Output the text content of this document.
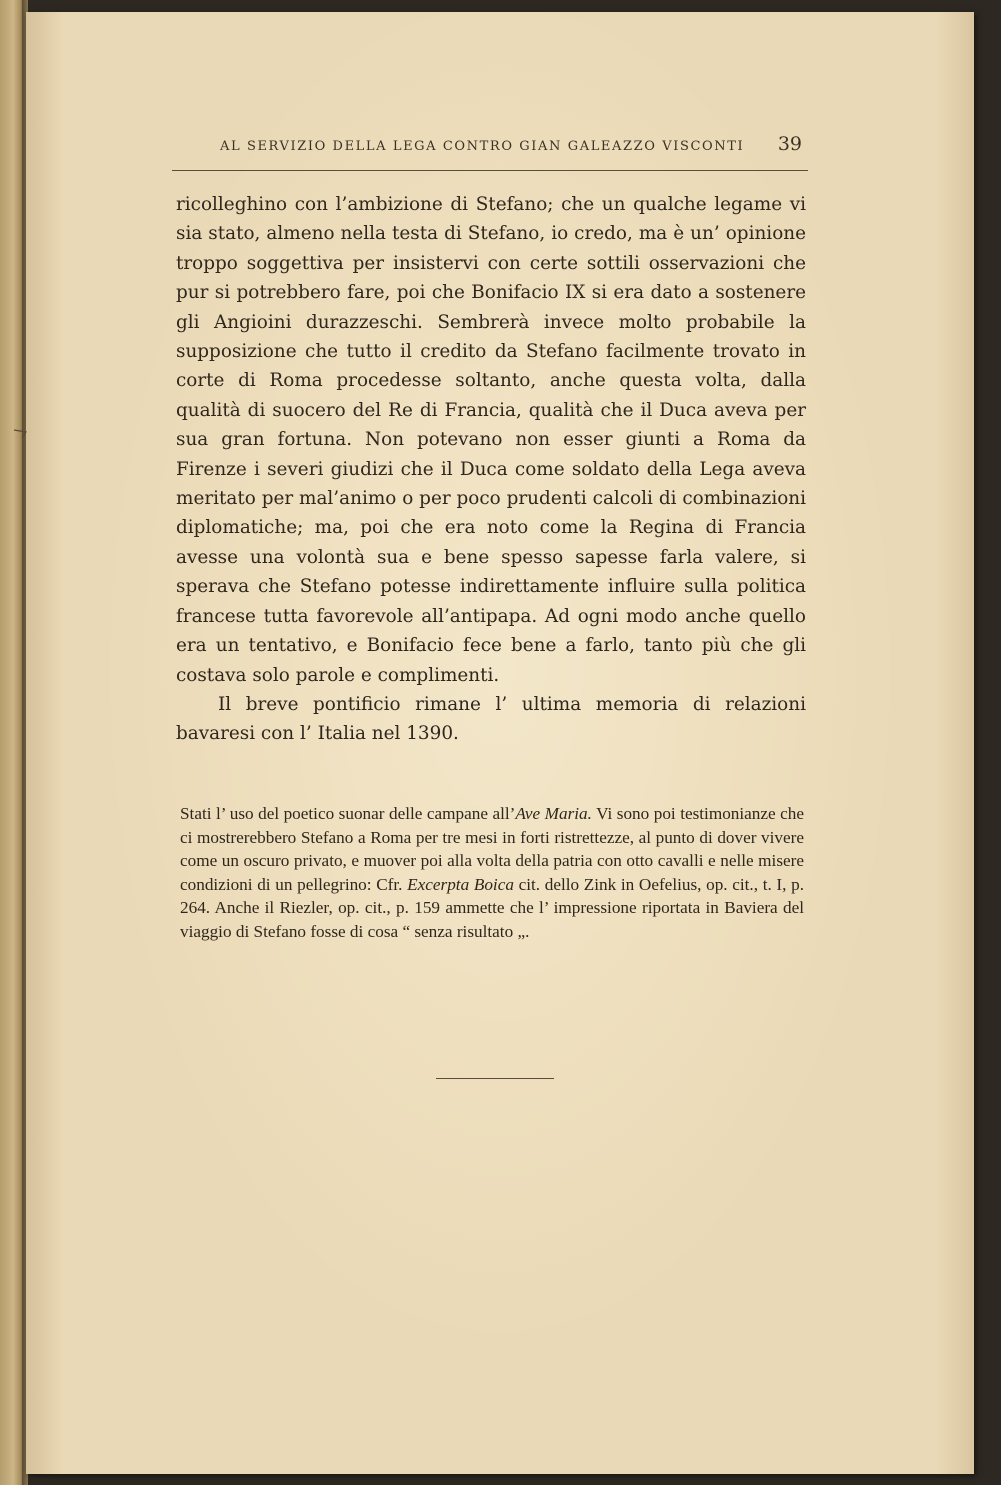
AL SERVIZIO DELLA LEGA CONTRO GIAN GALEAZZO VISCONTI 39

ricolleghino con l’ambizione di Stefano; che un qualche legame vi sia stato, almeno nella testa di Stefano, io credo, ma è un’ opinione troppo soggettiva per insistervi con certe sottili osservazioni che pur si potrebbero fare, poi che Bonifacio IX si era dato a sostenere gli Angioini durazzeschi. Sembrerà invece molto probabile la supposizione che tutto il credito da Stefano facilmente trovato in corte di Roma procedesse soltanto, anche questa volta, dalla qualità di suocero del Re di Francia, qualità che il Duca aveva per sua gran fortuna. Non potevano non esser giunti a Roma da Firenze i severi giudizi che il Duca come soldato della Lega aveva meritato per mal’animo o per poco prudenti calcoli di combinazioni diplomatiche; ma, poi che era noto come la Regina di Francia avesse una volontà sua e bene spesso sapesse farla valere, si sperava che Stefano potesse indirettamente influire sulla politica francese tutta favorevole all’antipapa. Ad ogni modo anche quello era un tentativo, e Bonifacio fece bene a farlo, tanto più che gli costava solo parole e complimenti.

Il breve pontificio rimane l’ ultima memoria di relazioni bavaresi con l’ Italia nel 1390.

Stati l’ uso del poetico suonar delle campane all’Ave Maria. Vi sono poi testimonianze che ci mostrerebbero Stefano a Roma per tre mesi in forti ristrettezze, al punto di dover vivere come un oscuro privato, e muover poi alla volta della patria con otto cavalli e nelle misere condizioni di un pellegrino: Cfr. Excerpta Boica cit. dello Zink in Oefelius, op. cit., t. I, p. 264. Anche il Riezler, op. cit., p. 159 ammette che l’ impressione riportata in Baviera del viaggio di Stefano fosse di cosa “ senza risultato „.
